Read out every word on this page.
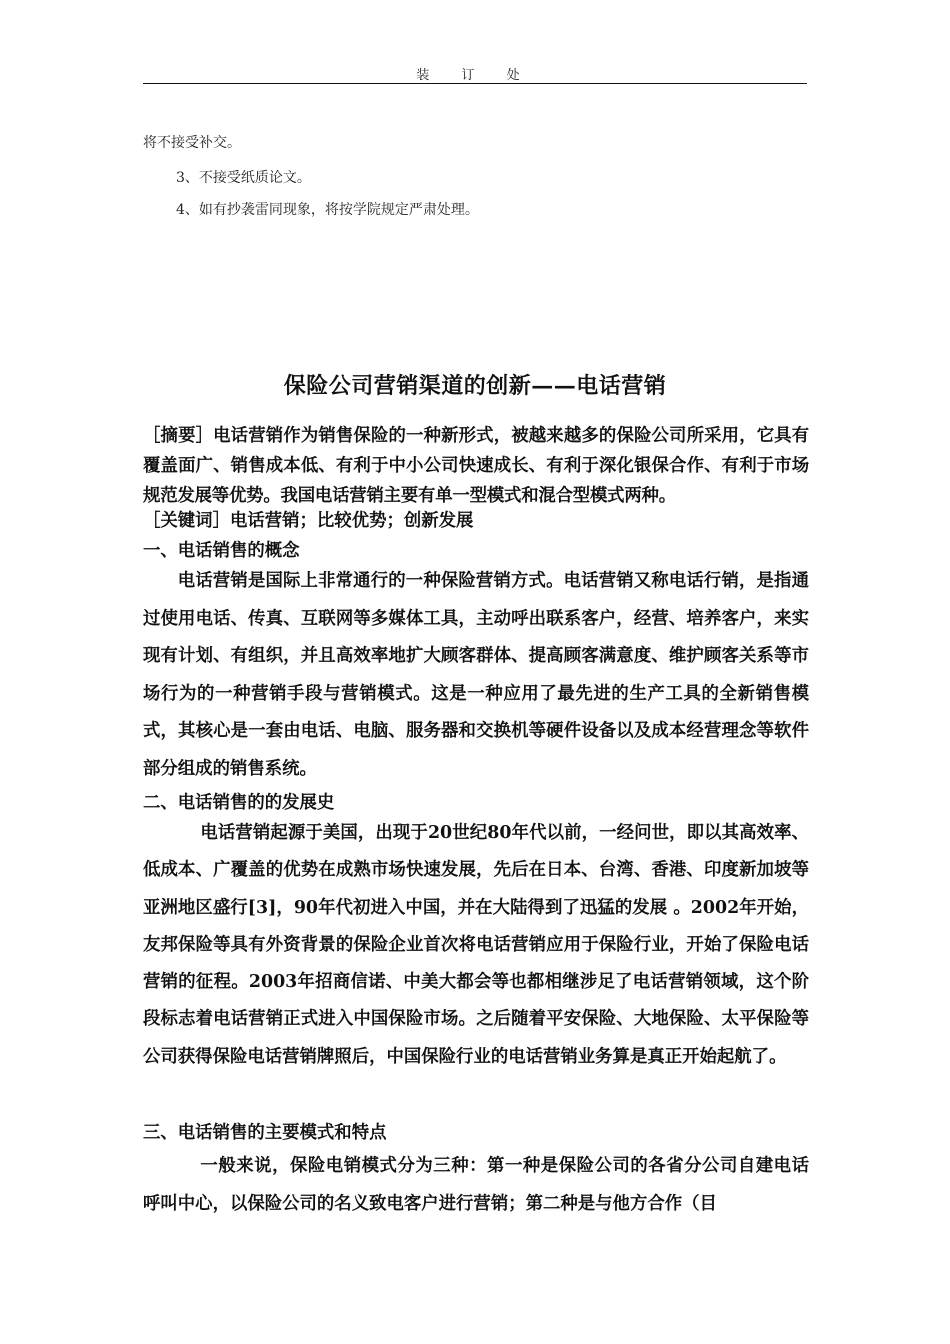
装 订 处
将不接受补交。
3、不接受纸质论文。
4、如有抄袭雷同现象，将按学院规定严肃处理。
保险公司营销渠道的创新——电话营销
［摘要］电话营销作为销售保险的一种新形式，被越来越多的保险公司所采用，它具有覆盖面广、销售成本低、有利于中小公司快速成长、有利于深化银保合作、有利于市场规范发展等优势。我国电话营销主要有单一型模式和混合型模式两种。
［关键词］电话营销；比较优势；创新发展
一、电话销售的概念
电话营销是国际上非常通行的一种保险营销方式。电话营销又称电话行销，是指通过使用电话、传真、互联网等多媒体工具，主动呼出联系客户，经营、培养客户，来实现有计划、有组织，并且高效率地扩大顾客群体、提高顾客满意度、维护顾客关系等市场行为的一种营销手段与营销模式。这是一种应用了最先进的生产工具的全新销售模式，其核心是一套由电话、电脑、服务器和交换机等硬件设备以及成本经营理念等软件部分组成的销售系统。
二、电话销售的的发展史
电话营销起源于美国，出现于20世纪80年代以前，一经问世，即以其高效率、低成本、广覆盖的优势在成熟市场快速发展，先后在日本、台湾、香港、印度新加坡等亚洲地区盛行[3]，90年代初进入中国，并在大陆得到了迅猛的发展 。2002年开始，友邦保险等具有外资背景的保险企业首次将电话营销应用于保险行业，开始了保险电话营销的征程。2003年招商信诺、中美大都会等也都相继涉足了电话营销领域，这个阶段标志着电话营销正式进入中国保险市场。之后随着平安保险、大地保险、太平保险等公司获得保险电话营销牌照后，中国保险行业的电话营销业务算是真正开始起航了。
三、电话销售的主要模式和特点
一般来说，保险电销模式分为三种：第一种是保险公司的各省分公司自建电话呼叫中心，以保险公司的名义致电客户进行营销；第二种是与他方合作（目
